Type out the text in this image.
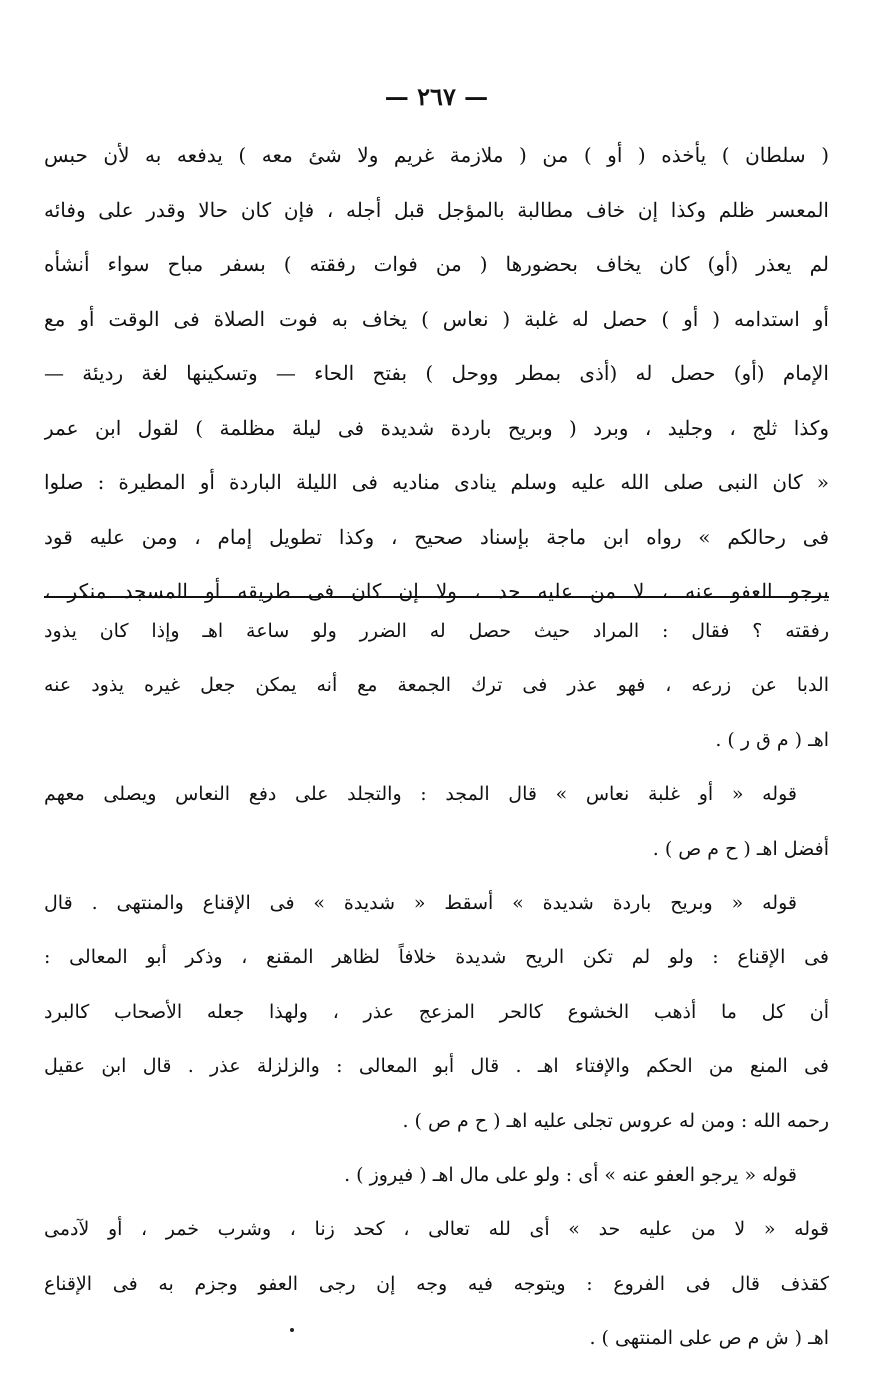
— ٢٦٧ —
( سلطان ) يأخذه ( أو ) من ( ملازمة غريم ولا شئ معه ) يدفعه به لأن حبس
المعسر ظلم وكذا إن خاف مطالبة بالمؤجل قبل أجله ، فإن كان حالا وقدر على وفائه
لم يعذر (أو) كان يخاف بحضورها ( من فوات رفقته ) بسفر مباح سواء أنشأه
أو استدامه ( أو ) حصل له غلبة ( نعاس ) يخاف به فوت الصلاة فى الوقت أو مع
الإمام (أو) حصل له (أذى بمطر ووحل ) بفتح الحاء — وتسكينها لغة رديئة —
وكذا ثلج ، وجليد ، وبرد ( وبريح باردة شديدة فى ليلة مظلمة ) لقول ابن عمر
« كان النبى صلى الله عليه وسلم ينادى مناديه فى الليلة الباردة أو المطيرة : صلوا
فى رحالكم » رواه ابن ماجة بإسناد صحيح ، وكذا تطويل إمام ، ومن عليه قود
يرجو العفو عنه ، لا من عليه حد ، ولا إن كان فى طريقه أو المسجد منكر ،
رفقته ؟ فقال : المراد حيث حصل له الضرر ولو ساعة اهـ وإذا كان يذود
الدبا عن زرعه ، فهو عذر فى ترك الجمعة مع أنه يمكن جعل غيره يذود عنه
اهـ ( م ق ر ) .
قوله « أو غلبة نعاس » قال المجد : والتجلد على دفع النعاس ويصلى معهم
أفضل اهـ ( ح م ص ) .
قوله « وبريح باردة شديدة » أسقط « شديدة » فى الإقناع والمنتهى . قال
فى الإقناع : ولو لم تكن الريح شديدة خلافاً لظاهر المقنع ، وذكر أبو المعالى :
أن كل ما أذهب الخشوع كالحر المزعج عذر ، ولهذا جعله الأصحاب كالبرد
فى المنع من الحكم والإفتاء اهـ . قال أبو المعالى : والزلزلة عذر . قال ابن عقيل
رحمه الله : ومن له عروس تجلى عليه اهـ ( ح م ص ) .
قوله « يرجو العفو عنه » أى : ولو على مال اهـ ( فيروز ) .
قوله « لا من عليه حد » أى لله تعالى ، كحد زنا ، وشرب خمر ، أو لآدمى
كقذف قال فى الفروع : ويتوجه فيه وجه إن رجى العفو وجزم به فى الإقناع
اهـ ( ش م ص على المنتهى ) .
